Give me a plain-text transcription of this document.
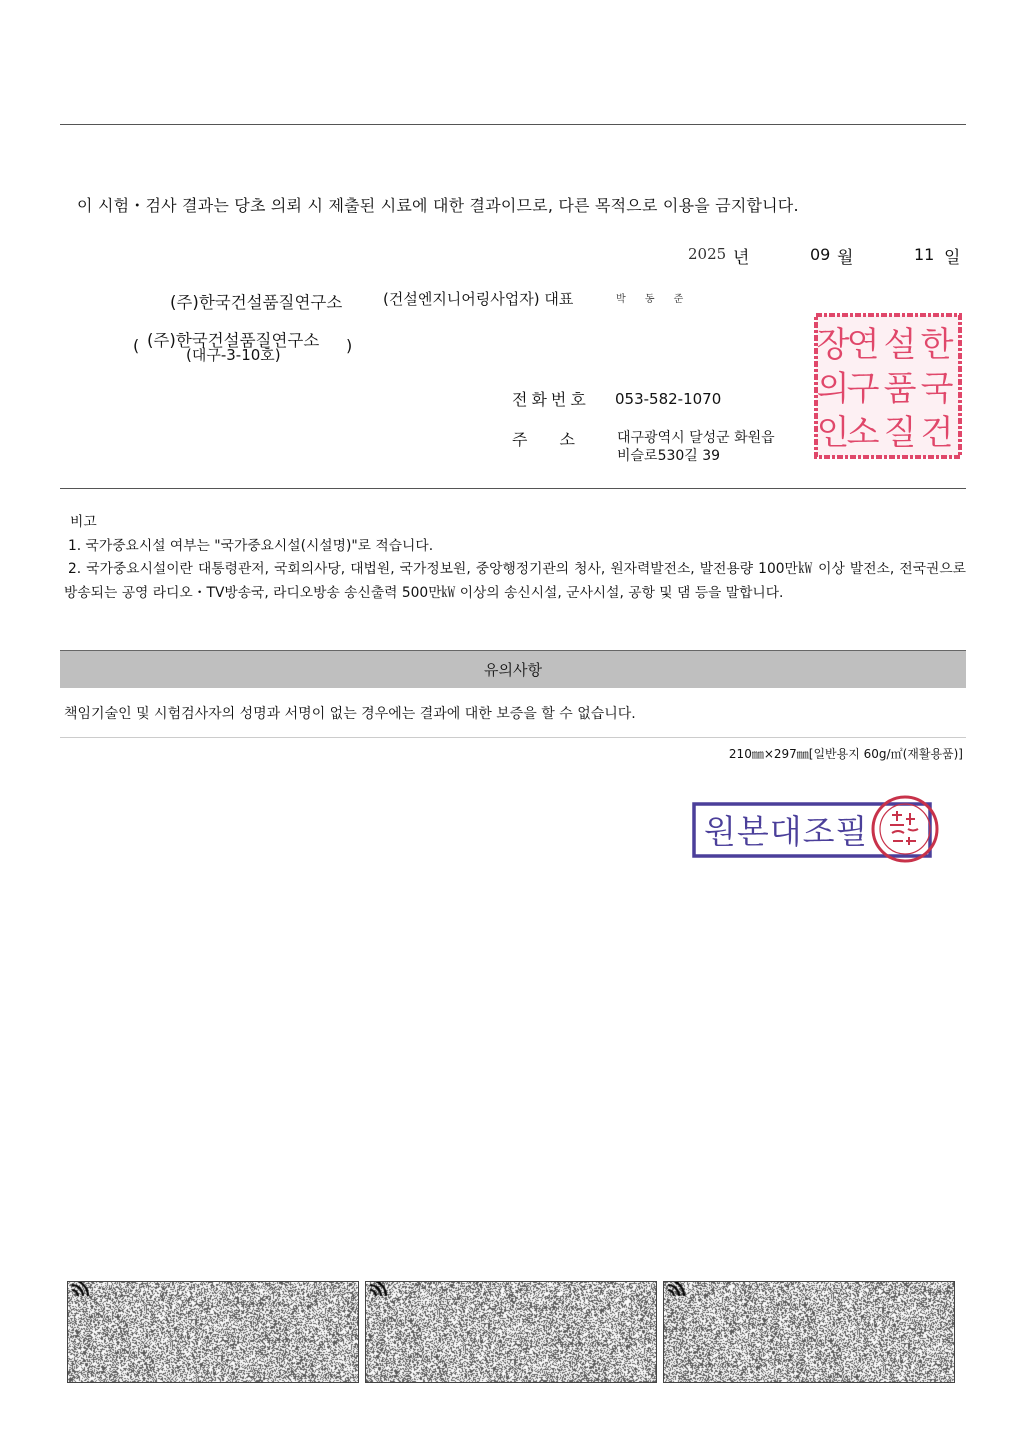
이 시험・검사 결과는 당초 의뢰 시 제출된 시료에 대한 결과이므로, 다른 목적으로 이용을 금지합니다.
2025 년	09 월	11 일
(주)한국건설품질연구소	(건설엔지니어링사업자) 대표	박 동 준
( (주)한국건설품질연구소
(대구-3-10호)	)
전화번호 053-582-1070
주　　소	대구광역시 달성군 화원읍
비슬로530길 39
한
국
건
설
품
질
연
구
소
장
의
인

비고

1. 국가중요시설 여부는 "국가중요시설(시설명)"로 적습니다.

2. 국가중요시설이란 대통령관저, 국회의사당, 대법원, 국가정보원, 중앙행정기관의 청사, 원자력발전소, 발전용량 100만㎾ 이상 발전소, 전국권으로 방송되는 공영 라디오・TV방송국, 라디오방송 송신출력 500만㎾ 이상의 송신시설, 군사시설, 공항 및 댐 등을 말합니다.

유의사항
책임기술인 및 시험검사자의 성명과 서명이 없는 경우에는 결과에 대한 보증을 할 수 없습니다.
210㎜×297㎜[일반용지 60g/㎡(재활용품)]
원본대조필
